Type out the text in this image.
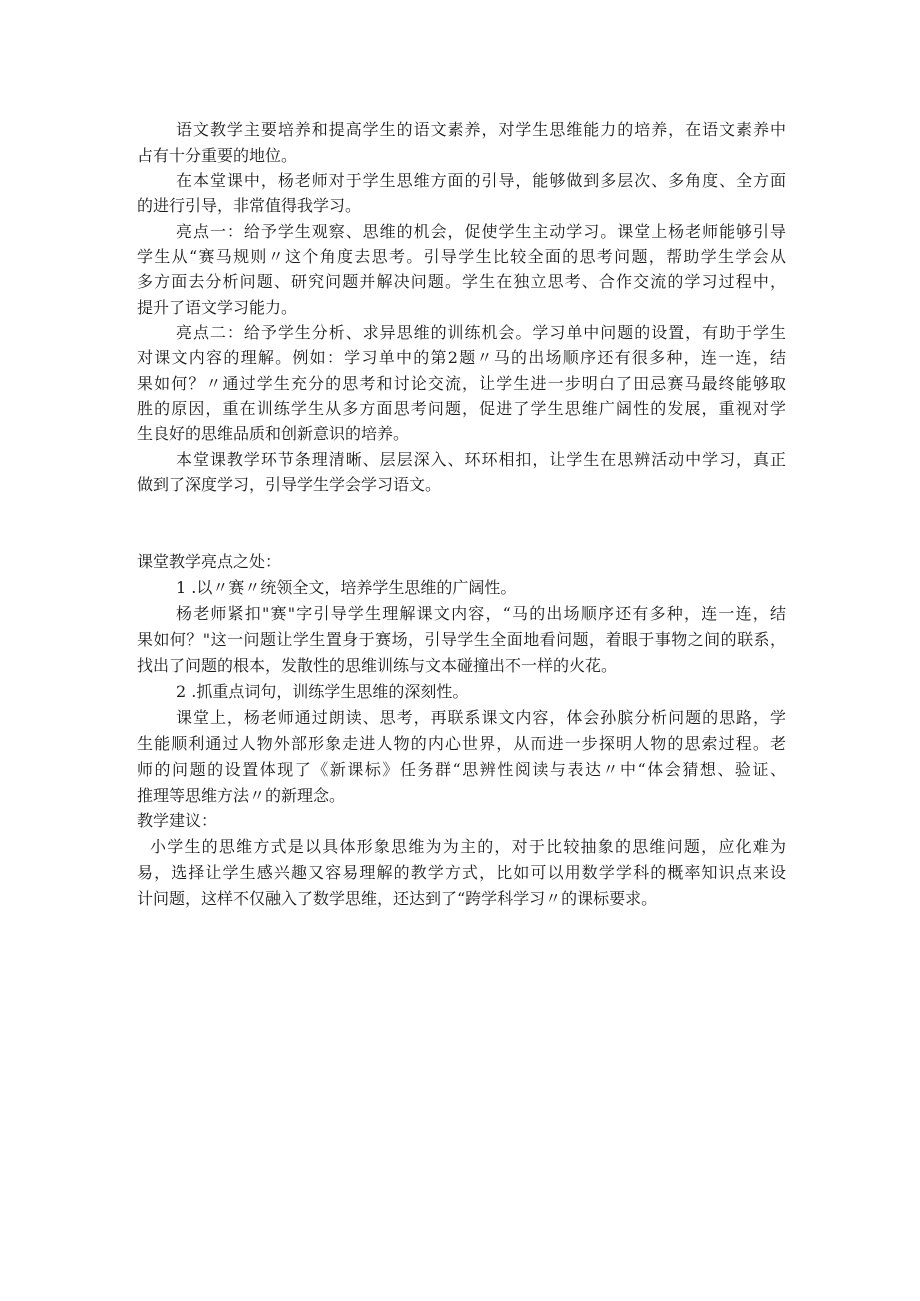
语文教学主要培养和提高学生的语文素养，对学生思维能力的培养，在语文素养中
占有十分重要的地位。
在本堂课中，杨老师对于学生思维方面的引导，能够做到多层次、多角度、全方面
的进行引导，非常值得我学习。
亮点一：给予学生观察、思维的机会，促使学生主动学习。课堂上杨老师能够引导
学生从“赛马规则〃这个角度去思考。引导学生比较全面的思考问题，帮助学生学会从
多方面去分析问题、研究问题并解决问题。学生在独立思考、合作交流的学习过程中，
提升了语文学习能力。
亮点二：给予学生分析、求异思维的训练机会。学习单中问题的设置，有助于学生
对课文内容的理解。例如：学习单中的第2题〃马的出场顺序还有很多种，连一连，结
果如何？〃通过学生充分的思考和讨论交流，让学生进一步明白了田忌赛马最终能够取
胜的原因，重在训练学生从多方面思考问题，促进了学生思维广阔性的发展，重视对学
生良好的思维品质和创新意识的培养。
本堂课教学环节条理清晰、层层深入、环环相扣，让学生在思辨活动中学习，真正
做到了深度学习，引导学生学会学习语文。
课堂教学亮点之处：
1 .以〃赛〃统领全文，培养学生思维的广阔性。
杨老师紧扣"赛"字引导学生理解课文内容，“马的出场顺序还有多种，连一连，结
果如何？"这一问题让学生置身于赛场，引导学生全面地看问题，着眼于事物之间的联系，
找出了问题的根本，发散性的思维训练与文本碰撞出不一样的火花。
2 .抓重点词句，训练学生思维的深刻性。
课堂上，杨老师通过朗读、思考，再联系课文内容，体会孙膑分析问题的思路，学
生能顺利通过人物外部形象走进人物的内心世界，从而进一步探明人物的思索过程。老
师的问题的设置体现了《新课标》任务群“思辨性阅读与表达〃中“体会猜想、验证、
推理等思维方法〃的新理念。
教学建议：
小学生的思维方式是以具体形象思维为为主的，对于比较抽象的思维问题，应化难为
易，选择让学生感兴趣又容易理解的教学方式，比如可以用数学学科的概率知识点来设
计问题，这样不仅融入了数学思维，还达到了“跨学科学习〃的课标要求。
